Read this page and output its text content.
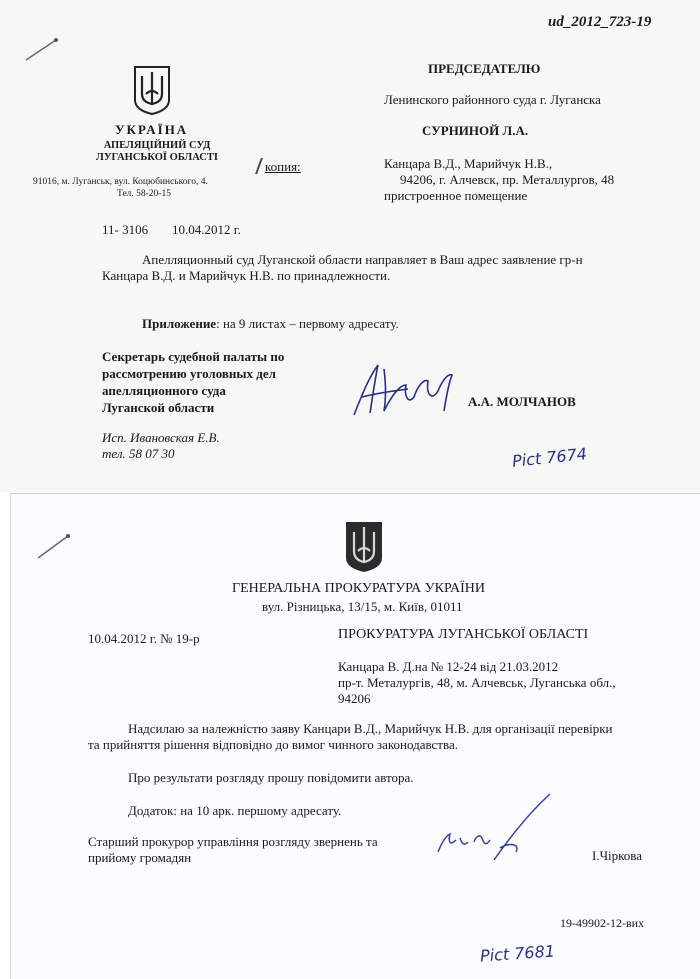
ud_2012_723-19
УКРАЇНА
АПЕЛЯЦІЙНИЙ СУД
ЛУГАНСЬКОЇ ОБЛАСТІ
91016, м. Луганськ, вул. Коцюбинського, 4.
Тел. 58-20-15
копия:
ПРЕДСЕДАТЕЛЮ
Ленинского районного суда г. Луганска
СУРНИНОЙ Л.А.
Канцара В.Д., Марийчук Н.В.,
94206, г. Алчевск, пр. Металлургов, 48
пристроенное помещение
11- 3106 10.04.2012 г.
Апелляционный суд Луганской области направляет в Ваш адрес заявление гр-н
Канцара В.Д. и Марийчук Н.В. по принадлежности.
Приложение: на 9 листах – первому адресату.
Секретарь судебной палаты по
рассмотрению уголовных дел
апелляционного суда
Луганской области	А.А. МОЛЧАНОВ
Исп. Ивановская Е.В.
тел. 58 07 30	Pict 7674
ГЕНЕРАЛЬНА ПРОКУРАТУРА УКРАЇНИ
вул. Різницька, 13/15, м. Київ, 01011
10.04.2012 г. № 19-р	ПРОКУРАТУРА ЛУГАНСЬКОЇ ОБЛАСТІ
Канцара В. Д.на № 12-24 від 21.03.2012
пр-т. Металургів, 48, м. Алчевськ, Луганська обл.,
94206
Надсилаю за належністю заяву Канцари В.Д., Марийчук Н.В. для організації перевірки
та прийняття рішення відповідно до вимог чинного законодавства.
Про результати розгляду прошу повідомити автора.
Додаток: на 10 арк. першому адресату.
Старший прокурор управління розгляду звернень та
прийому громадян	І.Чіркова
19-49902-12-вих
Pict 7681
